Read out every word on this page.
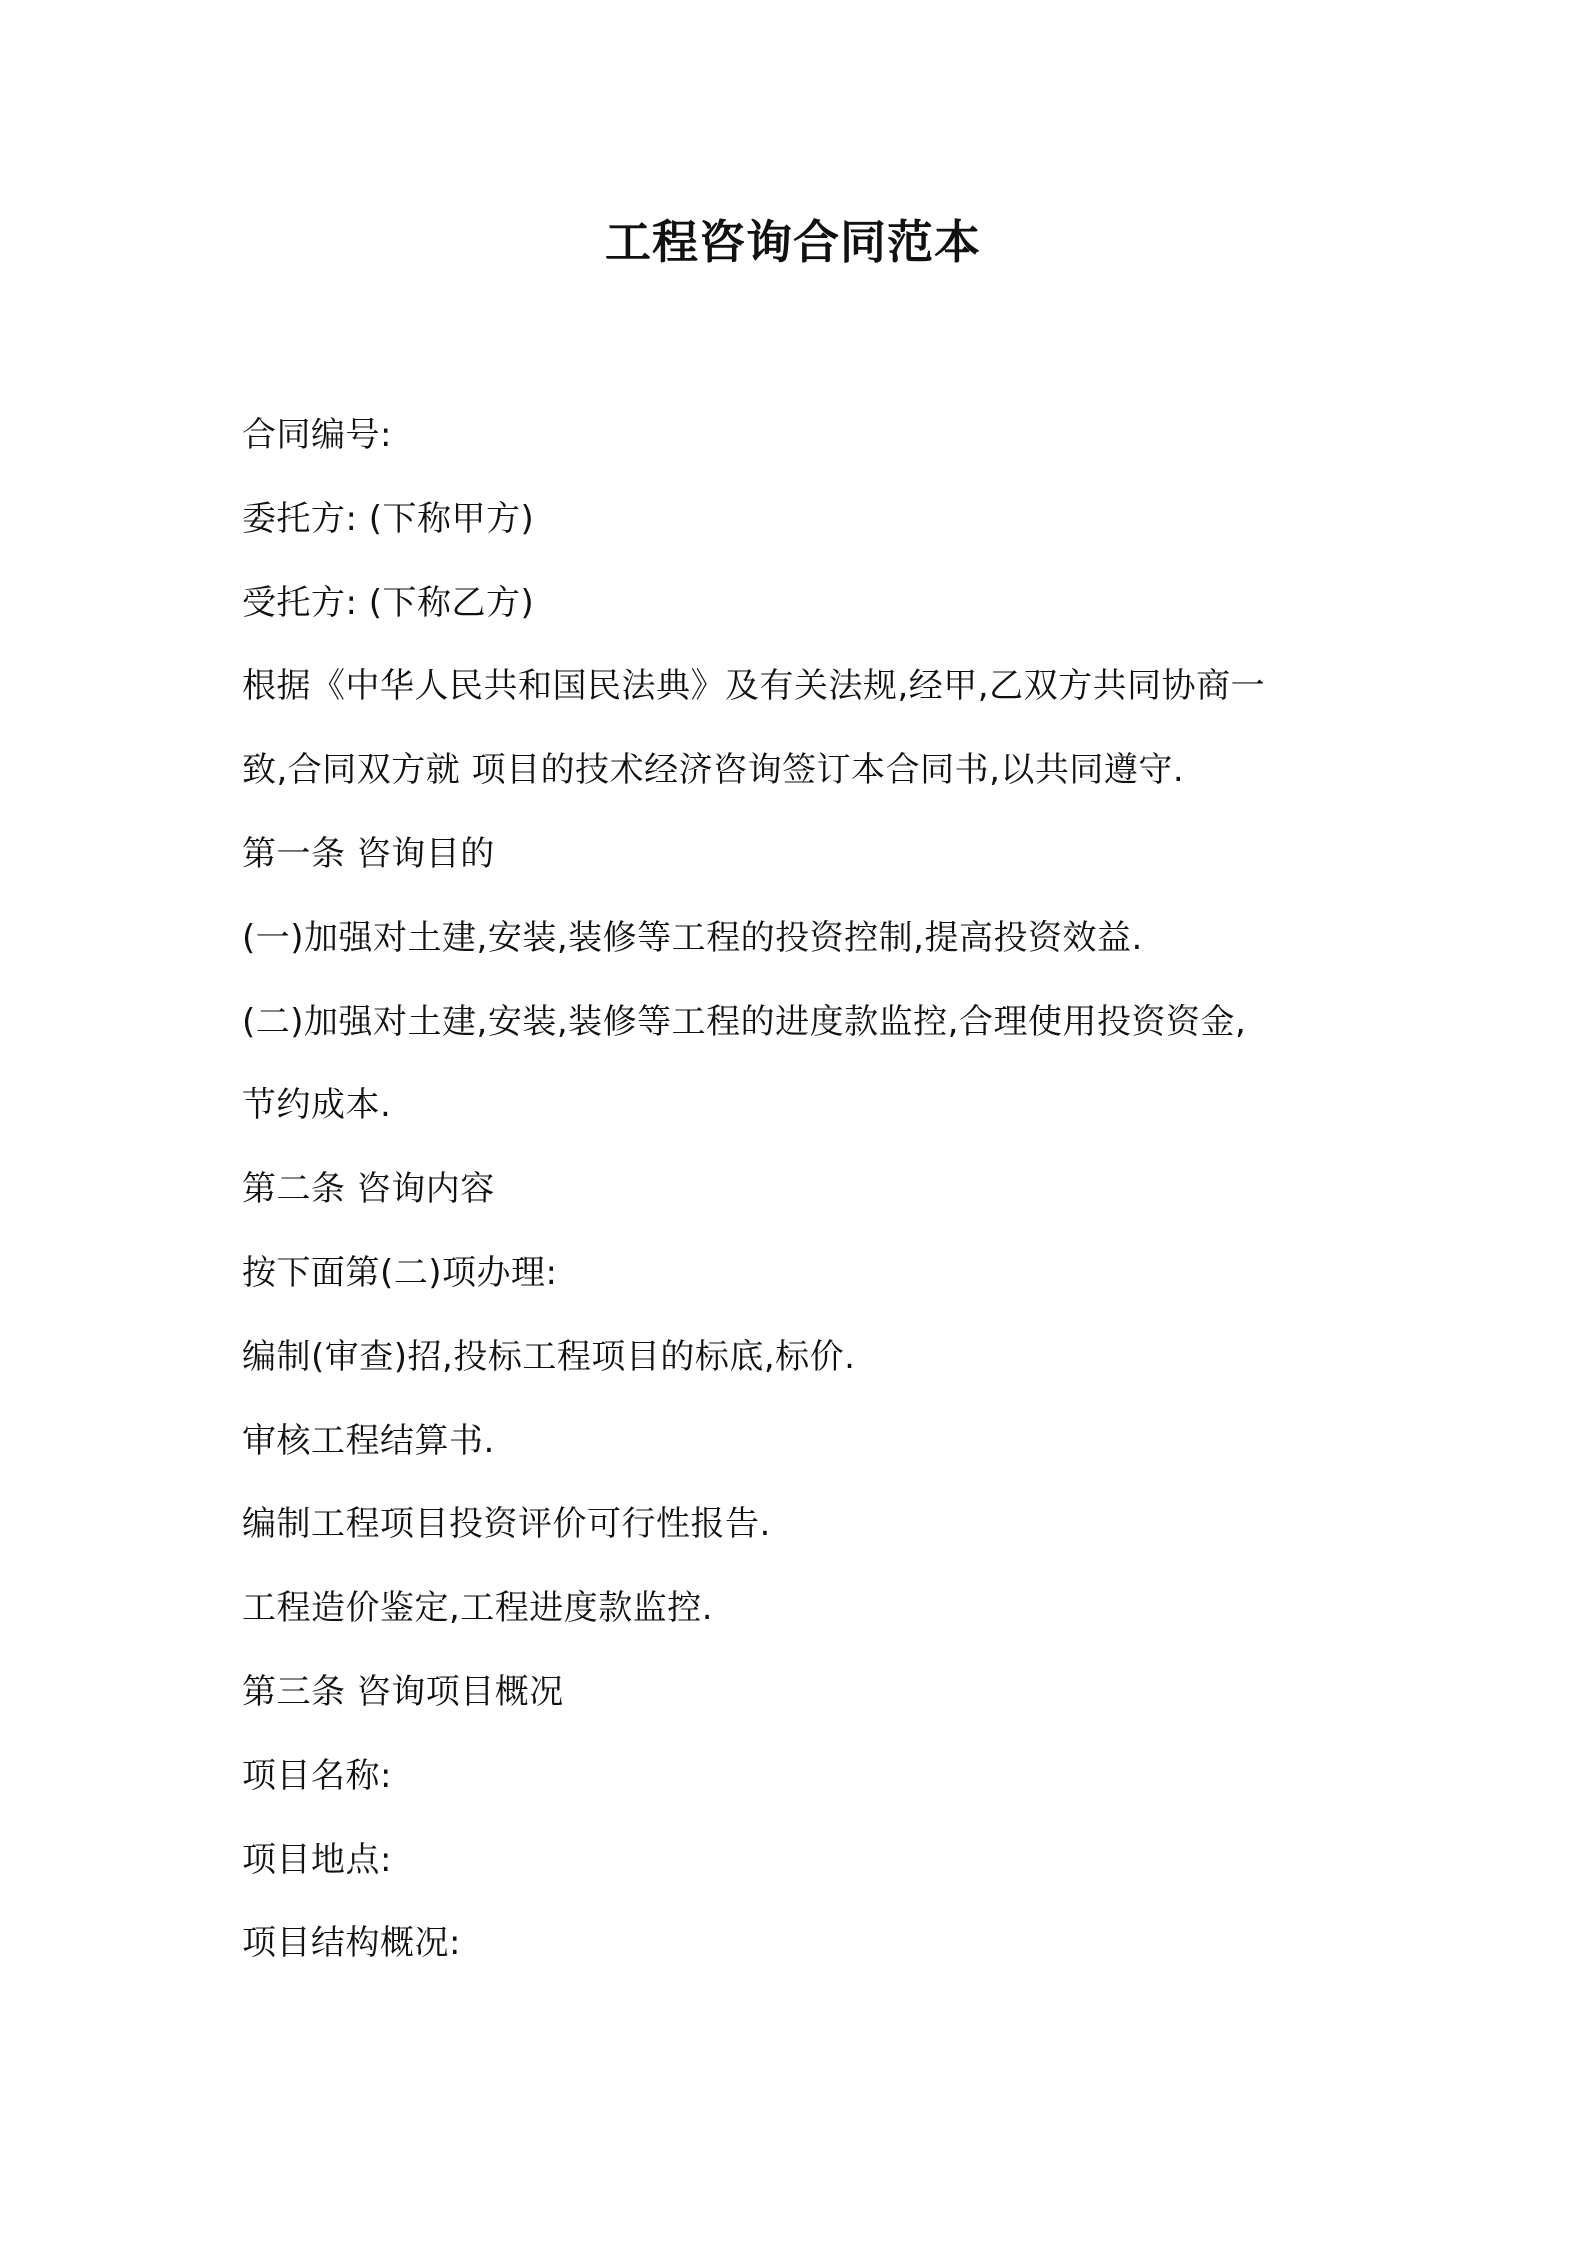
工程咨询合同范本
合同编号:
委托方: (下称甲方)
受托方: (下称乙方)
根据《中华人民共和国民法典》及有关法规,经甲,乙双方共同协商一
致,合同双方就 项目的技术经济咨询签订本合同书,以共同遵守.
第一条 咨询目的
(一)加强对土建,安装,装修等工程的投资控制,提高投资效益.
(二)加强对土建,安装,装修等工程的进度款监控,合理使用投资资金,
节约成本.
第二条 咨询内容
按下面第(二)项办理:
编制(审查)招,投标工程项目的标底,标价.
审核工程结算书.
编制工程项目投资评价可行性报告.
工程造价鉴定,工程进度款监控.
第三条 咨询项目概况
项目名称:
项目地点:
项目结构概况:
